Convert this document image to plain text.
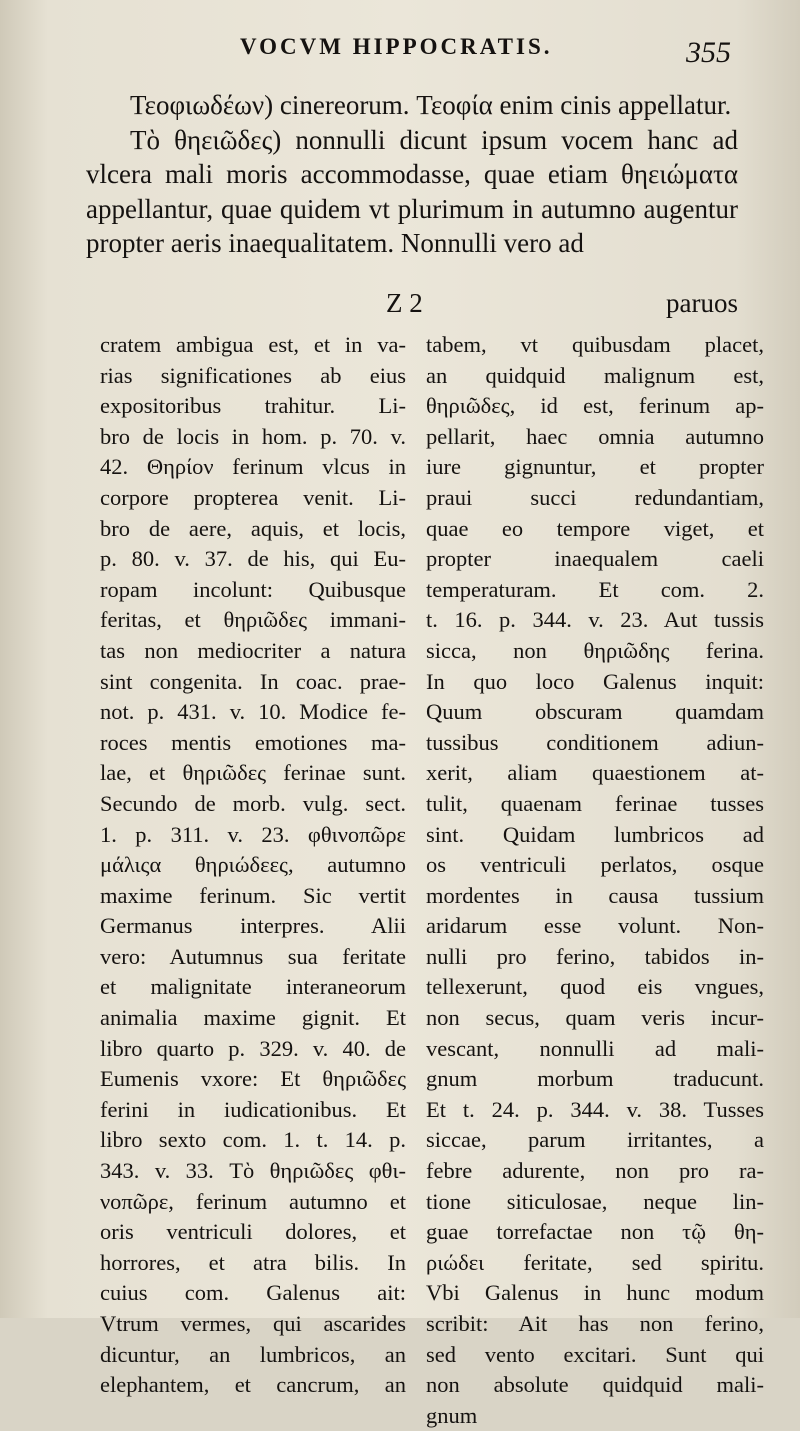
VOCVM HIPPOCRATIS.	355

Τεοφιωδέων) cinereorum. Τεοφία enim cinis appellatur.

Τὸ θηειῶδες) nonnulli dicunt ipsum vocem hanc ad vlcera mali moris accommodasse, quae etiam θηειώματα appellantur, quae quidem vt plurimum in autumno augentur propter aeris inaequalitatem. Nonnulli vero ad

Z 2	paruos
cratem ambigua est, et in va-
rias significationes ab eius
expositoribus trahitur. Li-
bro de locis in hom. p. 70. v.
42. Θηρίον ferinum vlcus in
corpore propterea venit. Li-
bro de aere, aquis, et locis,
p. 80. v. 37. de his, qui Eu-
ropam incolunt: Quibusque
feritas, et θηριῶδες immani-
tas non mediocriter a natura
sint congenita. In coac. prae-
not. p. 431. v. 10. Modice fe-
roces mentis emotiones ma-
lae, et θηριῶδες ferinae sunt.
Secundo de morb. vulg. sect.
1. p. 311. v. 23. φθινοπῶρε
μάλιςα θηριώδεες, autumno
maxime ferinum. Sic vertit
Germanus interpres. Alii
vero: Autumnus sua feritate
et malignitate interaneorum
animalia maxime gignit. Et
libro quarto p. 329. v. 40. de
Eumenis vxore: Et θηριῶδες
ferini in iudicationibus. Et
libro sexto com. 1. t. 14. p.
343. v. 33. Τὸ θηριῶδες φθι-
νοπῶρε, ferinum autumno et
oris ventriculi dolores, et
horrores, et atra bilis. In
cuius com. Galenus ait:
Vtrum vermes, qui ascarides
dicuntur, an lumbricos, an
elephantem, et cancrum, an
tabem, vt quibusdam placet,
an quidquid malignum est,
θηριῶδες, id est, ferinum ap-
pellarit, haec omnia autumno
iure gignuntur, et propter
praui succi redundantiam,
quae eo tempore viget, et
propter inaequalem caeli
temperaturam. Et com. 2.
t. 16. p. 344. v. 23. Aut tussis
sicca, non θηριῶδης ferina.
In quo loco Galenus inquit:
Quum obscuram quamdam
tussibus conditionem adiun-
xerit, aliam quaestionem at-
tulit, quaenam ferinae tusses
sint. Quidam lumbricos ad
os ventriculi perlatos, osque
mordentes in causa tussium
aridarum esse volunt. Non-
nulli pro ferino, tabidos in-
tellexerunt, quod eis vngues,
non secus, quam veris incur-
vescant, nonnulli ad mali-
gnum morbum traducunt.
Et t. 24. p. 344. v. 38. Tusses
siccae, parum irritantes, a
febre adurente, non pro ra-
tione siticulosae, neque lin-
guae torrefactae non τῷ θη-
ριώδει feritate, sed spiritu.
Vbi Galenus in hunc modum
scribit: Ait has non ferino,
sed vento excitari. Sunt qui
non absolute quidquid mali-
gnum
